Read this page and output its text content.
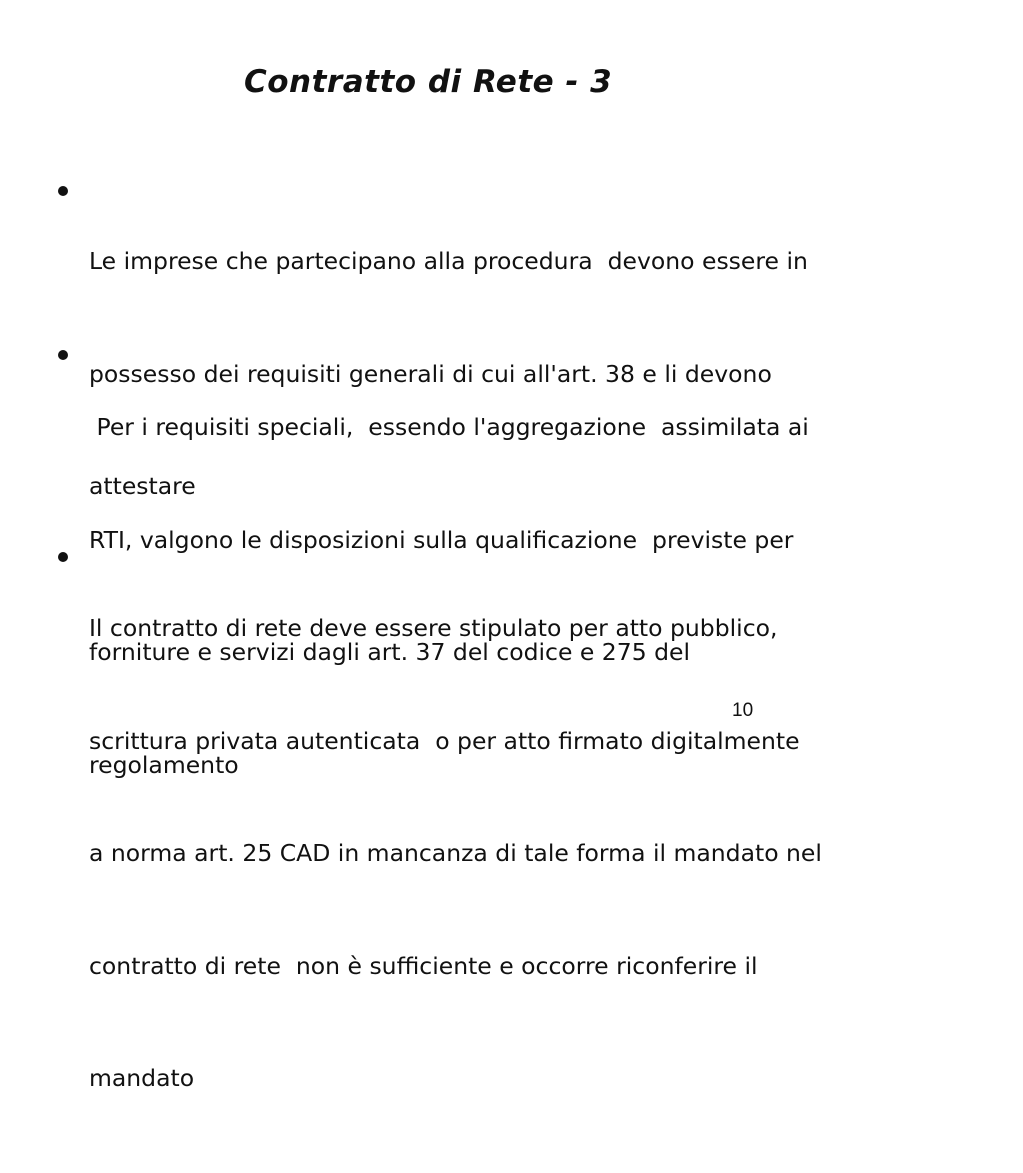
Contratto di Rete - 3

Le imprese che partecipano alla procedura  devono essere in

possesso dei requisiti generali di cui all'art. 38 e li devono

attestare

Per i requisiti speciali,  essendo l'aggregazione  assimilata ai

RTI, valgono le disposizioni sulla qualificazione  previste per

forniture e servizi dagli art. 37 del codice e 275 del

regolamento

Il contratto di rete deve essere stipulato per atto pubblico,

scrittura privata autenticata  o per atto firmato digitalmente

a norma art. 25 CAD in mancanza di tale forma il mandato nel

contratto di rete  non è sufficiente e occorre riconferire il

mandato

10
